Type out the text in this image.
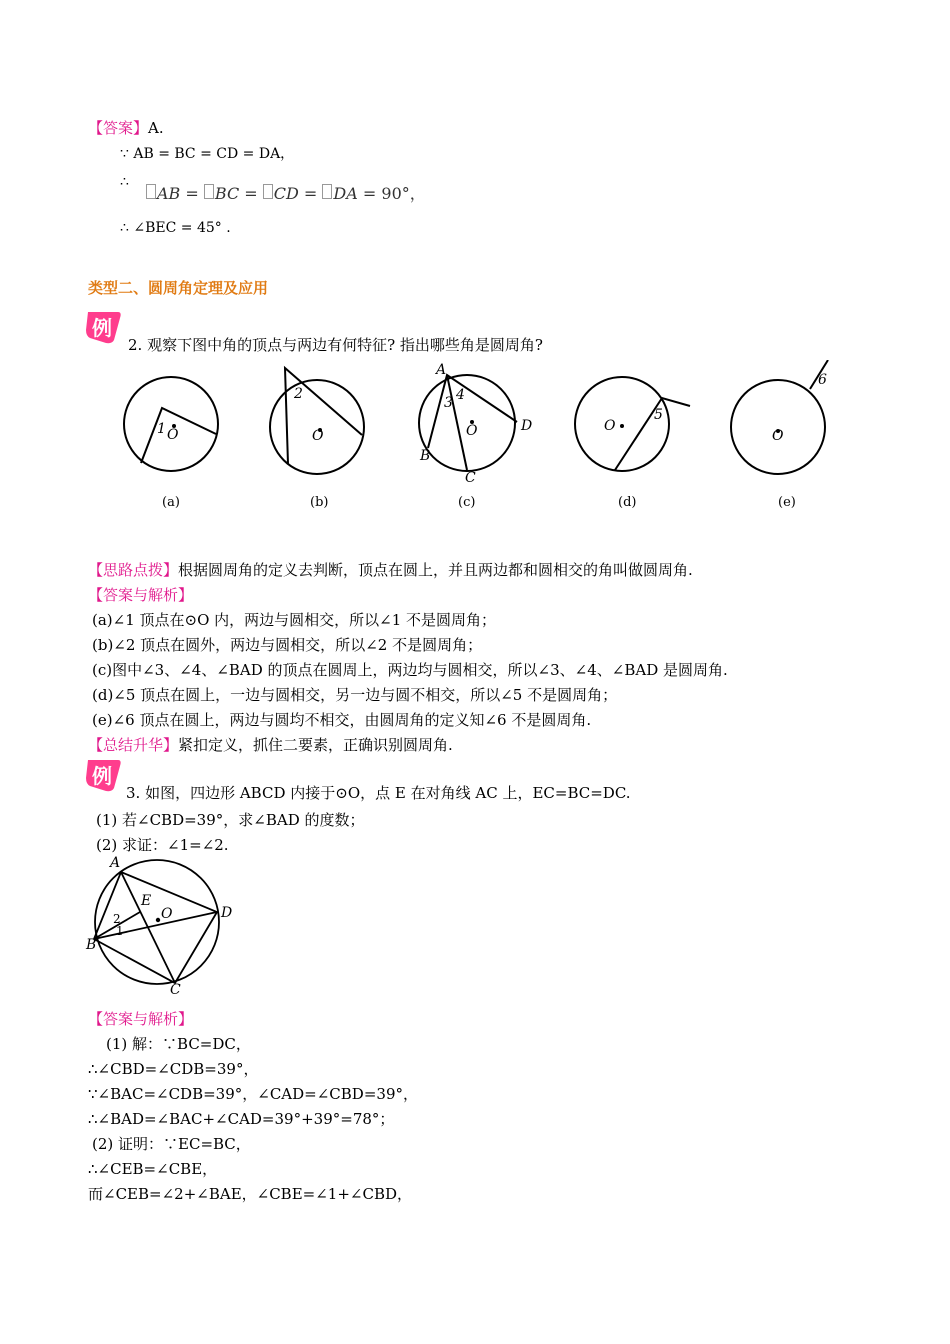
【答案】A.
∵ AB = BC = CD = DA，
∴
AB = BC = CD = DA = 90°，
∴ ∠BEC = 45° .
类型二、圆周角定理及应用
例
2. 观察下图中角的顶点与两边有何特征? 指出哪些角是圆周角?
1 O
2
O
3 4
A
B
C
D
O
5
O
6
O
(a)	(b)	(c)	(d)	(e)
【思路点拨】根据圆周角的定义去判断，顶点在圆上，并且两边都和圆相交的角叫做圆周角.
【答案与解析】
(a)∠1 顶点在⊙O 内，两边与圆相交，所以∠1 不是圆周角；
(b)∠2 顶点在圆外，两边与圆相交，所以∠2 不是圆周角；
(c)图中∠3、∠4、∠BAD 的顶点在圆周上，两边均与圆相交，所以∠3、∠4、∠BAD 是圆周角.
(d)∠5 顶点在圆上，一边与圆相交，另一边与圆不相交，所以∠5 不是圆周角；
(e)∠6 顶点在圆上，两边与圆均不相交，由圆周角的定义知∠6 不是圆周角.
【总结升华】紧扣定义，抓住二要素，正确识别圆周角.
例
3. 如图，四边形 ABCD 内接于⊙O，点 E 在对角线 AC 上，EC=BC=DC.
(1) 若∠CBD=39°，求∠BAD 的度数；
(2) 求证：∠1=∠2.
A
B
C
D
E
O
2
1
【答案与解析】
(1) 解：∵BC=DC，
∴∠CBD=∠CDB=39°，
∵∠BAC=∠CDB=39°，∠CAD=∠CBD=39°，
∴∠BAD=∠BAC+∠CAD=39°+39°=78°；
(2) 证明：∵EC=BC，
∴∠CEB=∠CBE，
而∠CEB=∠2+∠BAE，∠CBE=∠1+∠CBD，
